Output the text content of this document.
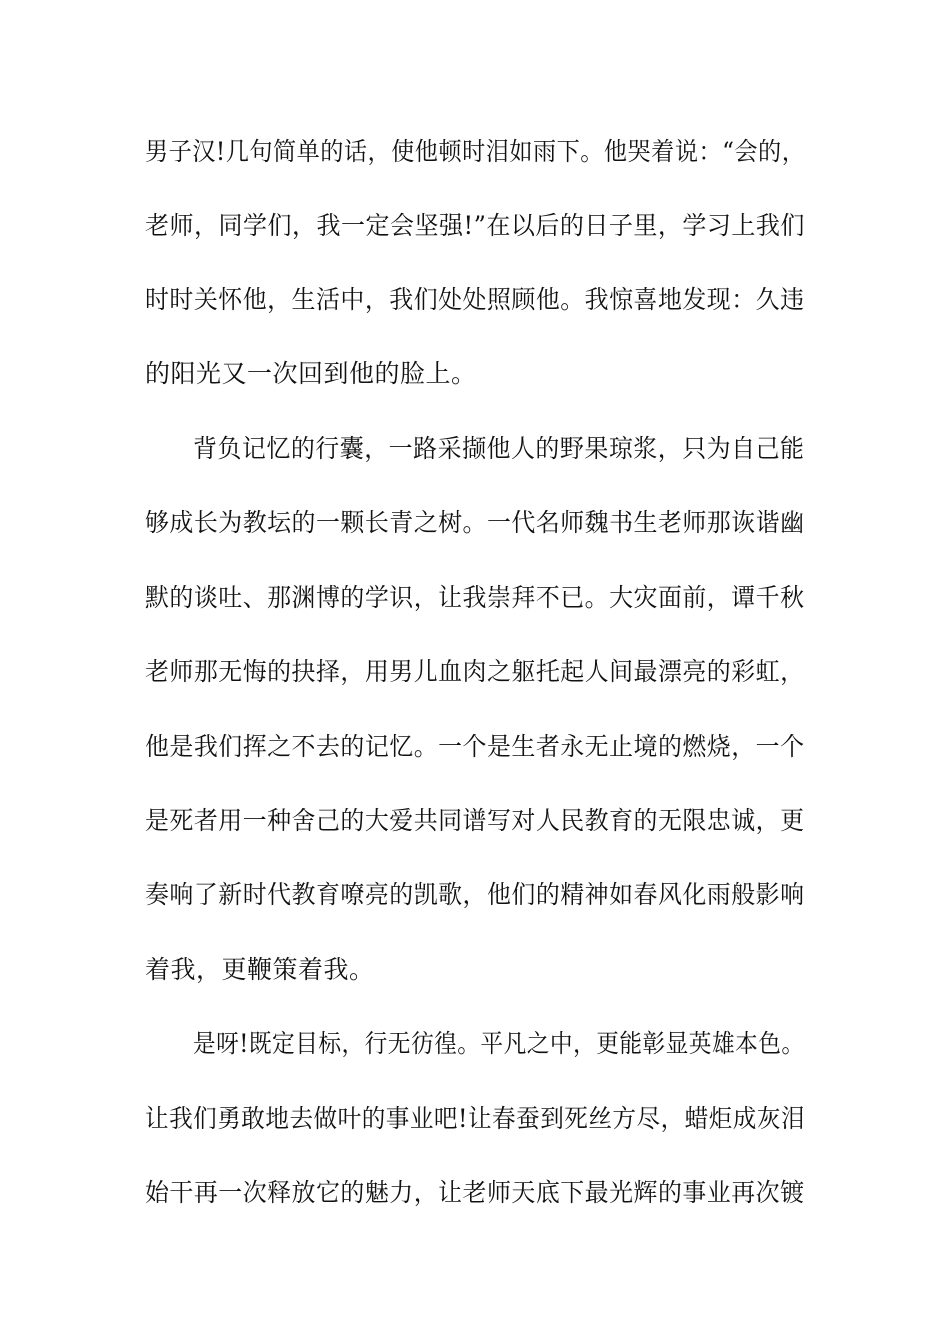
男子汉!几句简单的话，使他顿时泪如雨下。他哭着说：“会的，
老师，同学们，我一定会坚强!”在以后的日子里，学习上我们
时时关怀他，生活中，我们处处照顾他。我惊喜地发现：久违
的阳光又一次回到他的脸上。
背负记忆的行囊，一路采撷他人的野果琼浆，只为自己能
够成长为教坛的一颗长青之树。一代名师魏书生老师那诙谐幽
默的谈吐、那渊博的学识，让我崇拜不已。大灾面前，谭千秋
老师那无悔的抉择，用男儿血肉之躯托起人间最漂亮的彩虹，
他是我们挥之不去的记忆。一个是生者永无止境的燃烧，一个
是死者用一种舍己的大爱共同谱写对人民教育的无限忠诚，更
奏响了新时代教育嘹亮的凯歌，他们的精神如春风化雨般影响
着我，更鞭策着我。
是呀!既定目标，行无彷徨。平凡之中，更能彰显英雄本色。
让我们勇敢地去做叶的事业吧!让春蚕到死丝方尽，蜡炬成灰泪
始干再一次释放它的魅力，让老师天底下最光辉的事业再次镀
